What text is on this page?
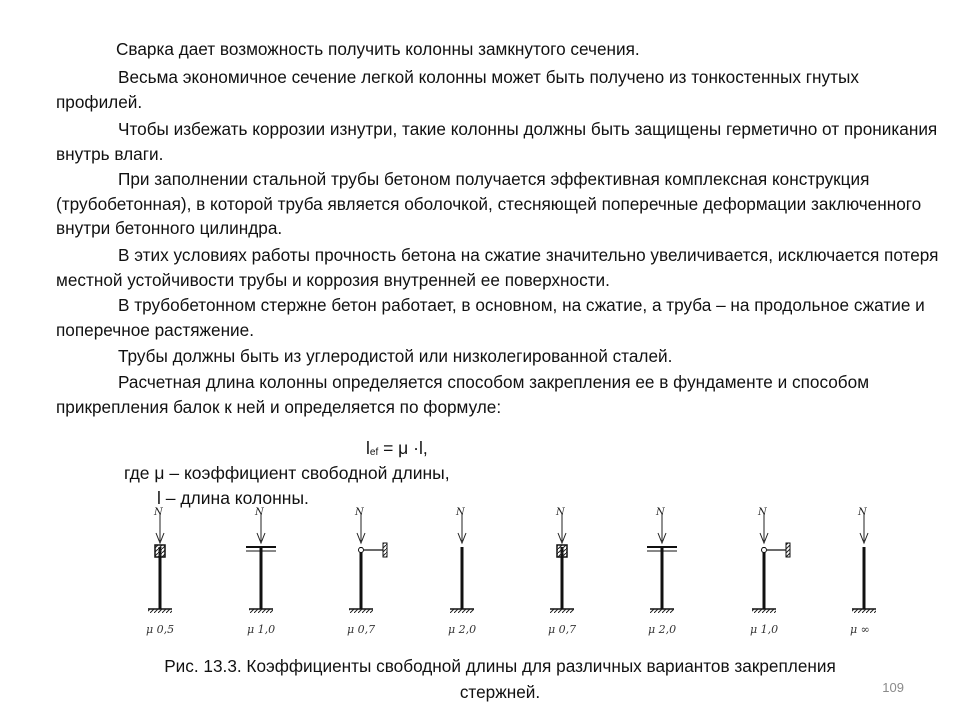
Сварка дает возможность получить колонны замкнутого сечения.

Весьма экономичное сечение легкой колонны может быть получено из тонкостенных гнутых профилей.

Чтобы избежать коррозии изнутри, такие колонны должны быть защищены герметично от проникания внутрь влаги.

При заполнении стальной трубы бетоном получается эффективная комплексная конструкция (трубобетонная), в которой труба является оболочкой, стесняющей поперечные деформации заключенного внутри бетонного цилиндра.

В этих условиях работы прочность бетона на сжатие значительно увеличивается, исключается потеря местной устойчивости трубы и коррозия внутренней ее поверхности.

В трубобетонном стержне бетон работает, в основном, на сжатие, а труба – на продольное сжатие и поперечное растяжение.

Трубы должны быть из углеродистой или низколегированной сталей.

Расчетная длина колонны определяется способом закрепления ее в фундаменте и способом прикрепления балок к ней и определяется по формуле:

lef = μ ·l,
где μ – коэффициент свободной длины,
l – длина колонны.
N
μ 0,5
N
μ 1,0
N
μ 0,7
N
μ 2,0
N
μ 0,7
N
μ 2,0
N
μ 1,0
N
μ ∞
Рис. 13.3. Коэффициенты свободной длины для различных вариантов закрепления
стержней.	109
